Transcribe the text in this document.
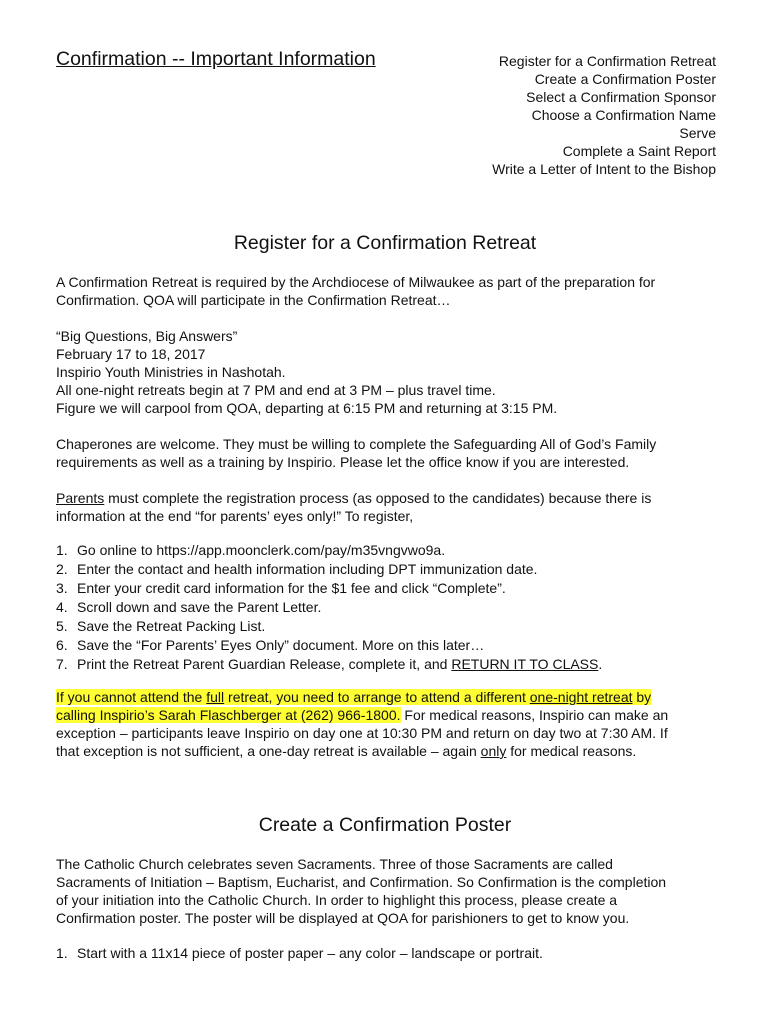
Confirmation -- Important Information	Register for a Confirmation Retreat
Create a Confirmation Poster
Select a Confirmation Sponsor
Choose a Confirmation Name
Serve
Complete a Saint Report
Write a Letter of Intent to the Bishop
Register for a Confirmation Retreat

A Confirmation Retreat is required by the Archdiocese of Milwaukee as part of the preparation for
Confirmation. QOA will participate in the Confirmation Retreat…

“Big Questions, Big Answers”
February 17 to 18, 2017
Inspirio Youth Ministries in Nashotah.
All one-night retreats begin at 7 PM and end at 3 PM – plus travel time.
Figure we will carpool from QOA, departing at 6:15 PM and returning at 3:15 PM.

Chaperones are welcome. They must be willing to complete the Safeguarding All of God’s Family
requirements as well as a training by Inspirio. Please let the office know if you are interested.

Parents must complete the registration process (as opposed to the candidates) because there is
information at the end “for parents’ eyes only!” To register,

1. Go online to https://app.moonclerk.com/pay/m35vngvwo9a.
2. Enter the contact and health information including DPT immunization date.
3. Enter your credit card information for the $1 fee and click “Complete”.
4. Scroll down and save the Parent Letter.
5. Save the Retreat Packing List.
6. Save the “For Parents’ Eyes Only” document. More on this later…
7. Print the Retreat Parent Guardian Release, complete it, and RETURN IT TO CLASS.

If you cannot attend the full retreat, you need to arrange to attend a different one-night retreat by
calling Inspirio’s Sarah Flaschberger at (262) 966-1800. For medical reasons, Inspirio can make an
exception – participants leave Inspirio on day one at 10:30 PM and return on day two at 7:30 AM. If
that exception is not sufficient, a one-day retreat is available – again only for medical reasons.

Create a Confirmation Poster

The Catholic Church celebrates seven Sacraments. Three of those Sacraments are called
Sacraments of Initiation – Baptism, Eucharist, and Confirmation. So Confirmation is the completion
of your initiation into the Catholic Church. In order to highlight this process, please create a
Confirmation poster. The poster will be displayed at QOA for parishioners to get to know you.

1. Start with a 11x14 piece of poster paper – any color – landscape or portrait.
